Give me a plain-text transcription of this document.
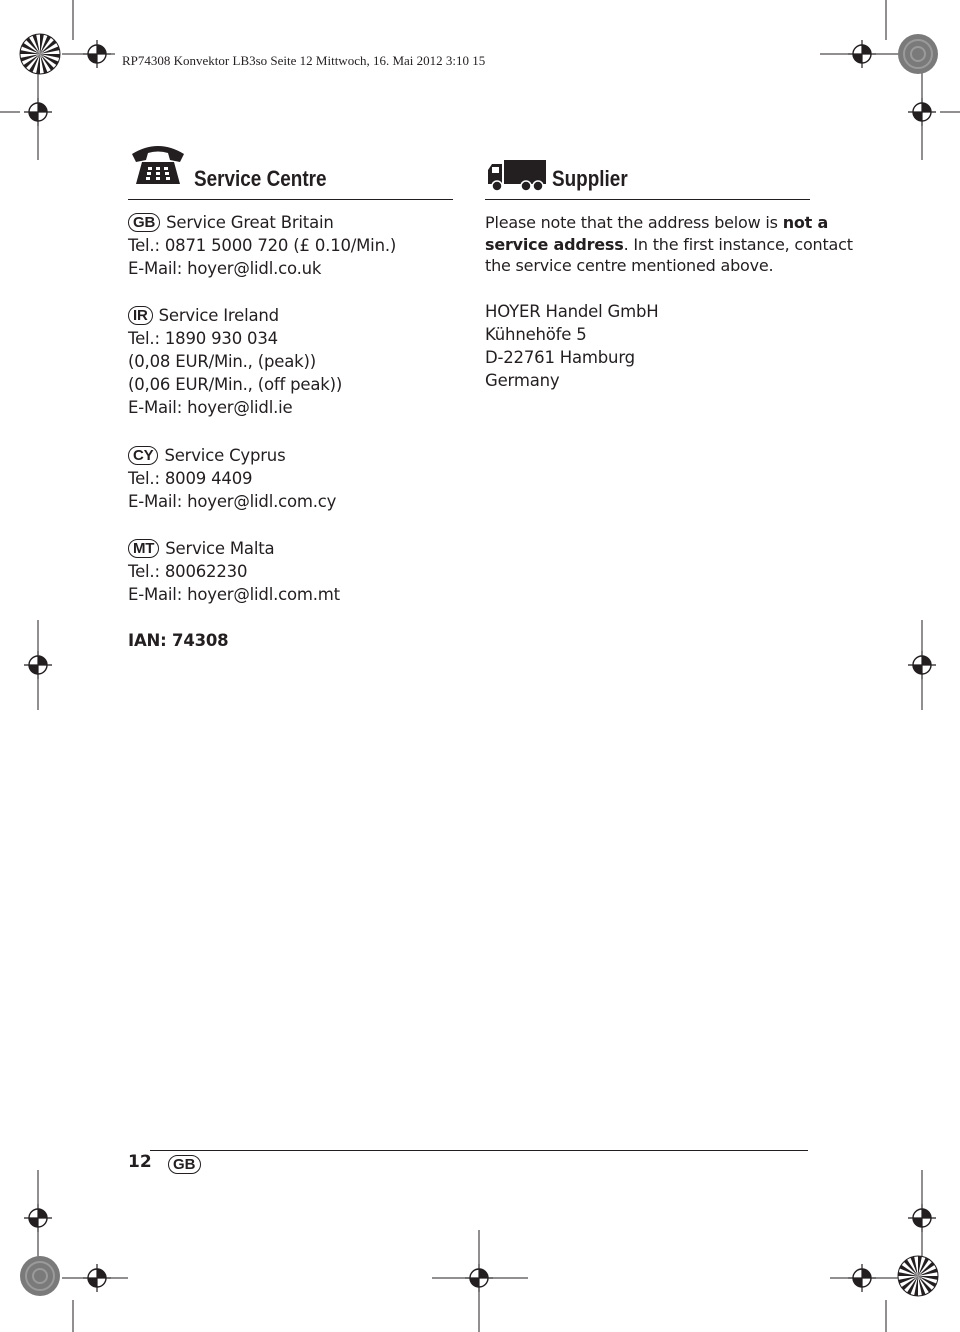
RP74308 Konvektor LB3so Seite 12 Mittwoch, 16. Mai 2012 3:10 15
Service Centre
GB Service Great Britain
Tel.: 0871 5000 720 (£ 0.10/Min.)
E-Mail: hoyer@lidl.co.uk
IR Service Ireland
Tel.: 1890 930 034
(0,08 EUR/Min., (peak))
(0,06 EUR/Min., (off peak))
E-Mail: hoyer@lidl.ie
CY Service Cyprus
Tel.: 8009 4409
E-Mail: hoyer@lidl.com.cy
MT Service Malta
Tel.: 80062230
E-Mail: hoyer@lidl.com.mt
IAN: 74308
Supplier
Please note that the address below is not a
service address. In the first instance, contact
the service centre mentioned above.
HOYER Handel GmbH
Kühnehöfe 5
D-22761 Hamburg
Germany
12	GB
